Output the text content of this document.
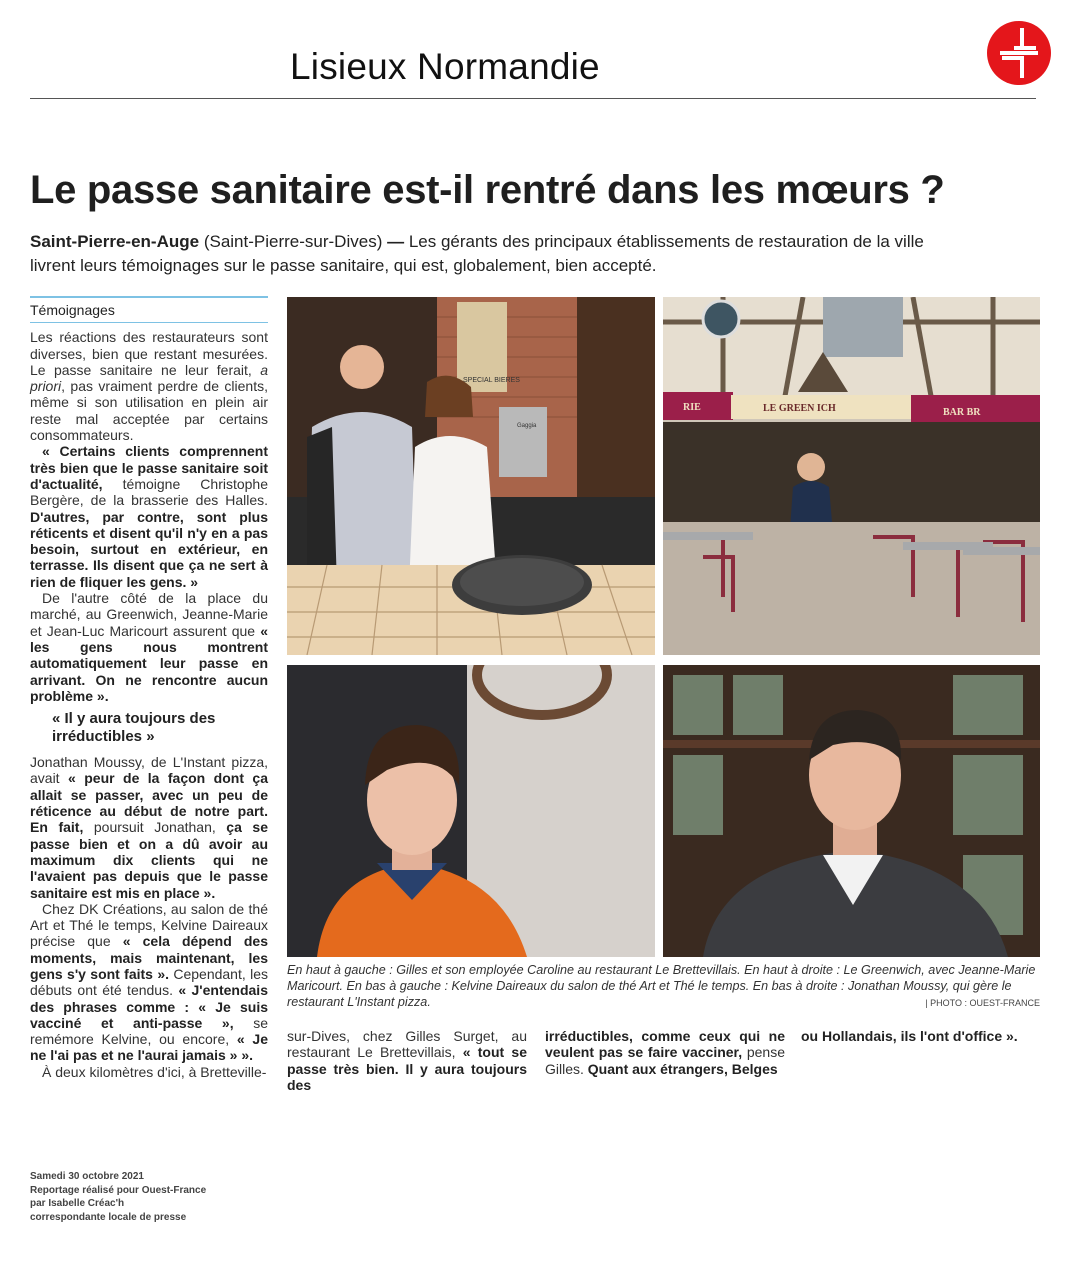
Lisieux Normandie
Le passe sanitaire est-il rentré dans les mœurs ?
Saint-Pierre-en-Auge (Saint-Pierre-sur-Dives) — Les gérants des principaux établissements de restauration de la ville livrent leurs témoignages sur le passe sanitaire, qui est, globalement, bien accepté.
Témoignages

Les réactions des restaurateurs sont diverses, bien que restant mesurées. Le passe sanitaire ne leur ferait, a priori, pas vraiment perdre de clients, même si son utilisation en plein air reste mal acceptée par certains consommateurs.

« Certains clients comprennent très bien que le passe sanitaire soit d'actualité, témoigne Christophe Bergère, de la brasserie des Halles. D'autres, par contre, sont plus réticents et disent qu'il n'y en a pas besoin, surtout en extérieur, en terrasse. Ils disent que ça ne sert à rien de fliquer les gens. »

De l'autre côté de la place du marché, au Greenwich, Jeanne-Marie et Jean-Luc Maricourt assurent que « les gens nous montrent automatiquement leur passe en arrivant. On ne rencontre aucun problème ».

« Il y aura toujours des irréductibles »

Jonathan Moussy, de L'Instant pizza, avait « peur de la façon dont ça allait se passer, avec un peu de réticence au début de notre part. En fait, poursuit Jonathan, ça se passe bien et on a dû avoir au maximum dix clients qui ne l'avaient pas depuis que le passe sanitaire est mis en place ».

Chez DK Créations, au salon de thé Art et Thé le temps, Kelvine Daireaux précise que « cela dépend des moments, mais maintenant, les gens s'y sont faits ». Cependant, les débuts ont été tendus. « J'entendais des phrases comme : « Je suis vacciné et anti-passe », se remémore Kelvine, ou encore, « Je ne l'ai pas et ne l'aurai jamais » ».

À deux kilomètres d'ici, à Bretteville-

SPECIAL BIERES
Gaggia
RIE	LE GREEN ICH	BAR BR
En haut à gauche : Gilles et son employée Caroline au restaurant Le Brettevillais. En haut à droite : Le Greenwich, avec Jeanne-Marie Maricourt. En bas à gauche : Kelvine Daireaux du salon de thé Art et Thé le temps. En bas à droite : Jonathan Moussy, qui gère le restaurant L'Instant pizza.	| PHOTO : OUEST-FRANCE

sur-Dives, chez Gilles Surget, au restaurant Le Brettevillais, « tout se passe très bien. Il y aura toujours des

irréductibles, comme ceux qui ne veulent pas se faire vacciner, pense Gilles. Quant aux étrangers, Belges

ou Hollandais, ils l'ont d'office ».

Samedi 30 octobre 2021
Reportage réalisé pour Ouest-France
par Isabelle Créac'h
correspondante locale de presse
